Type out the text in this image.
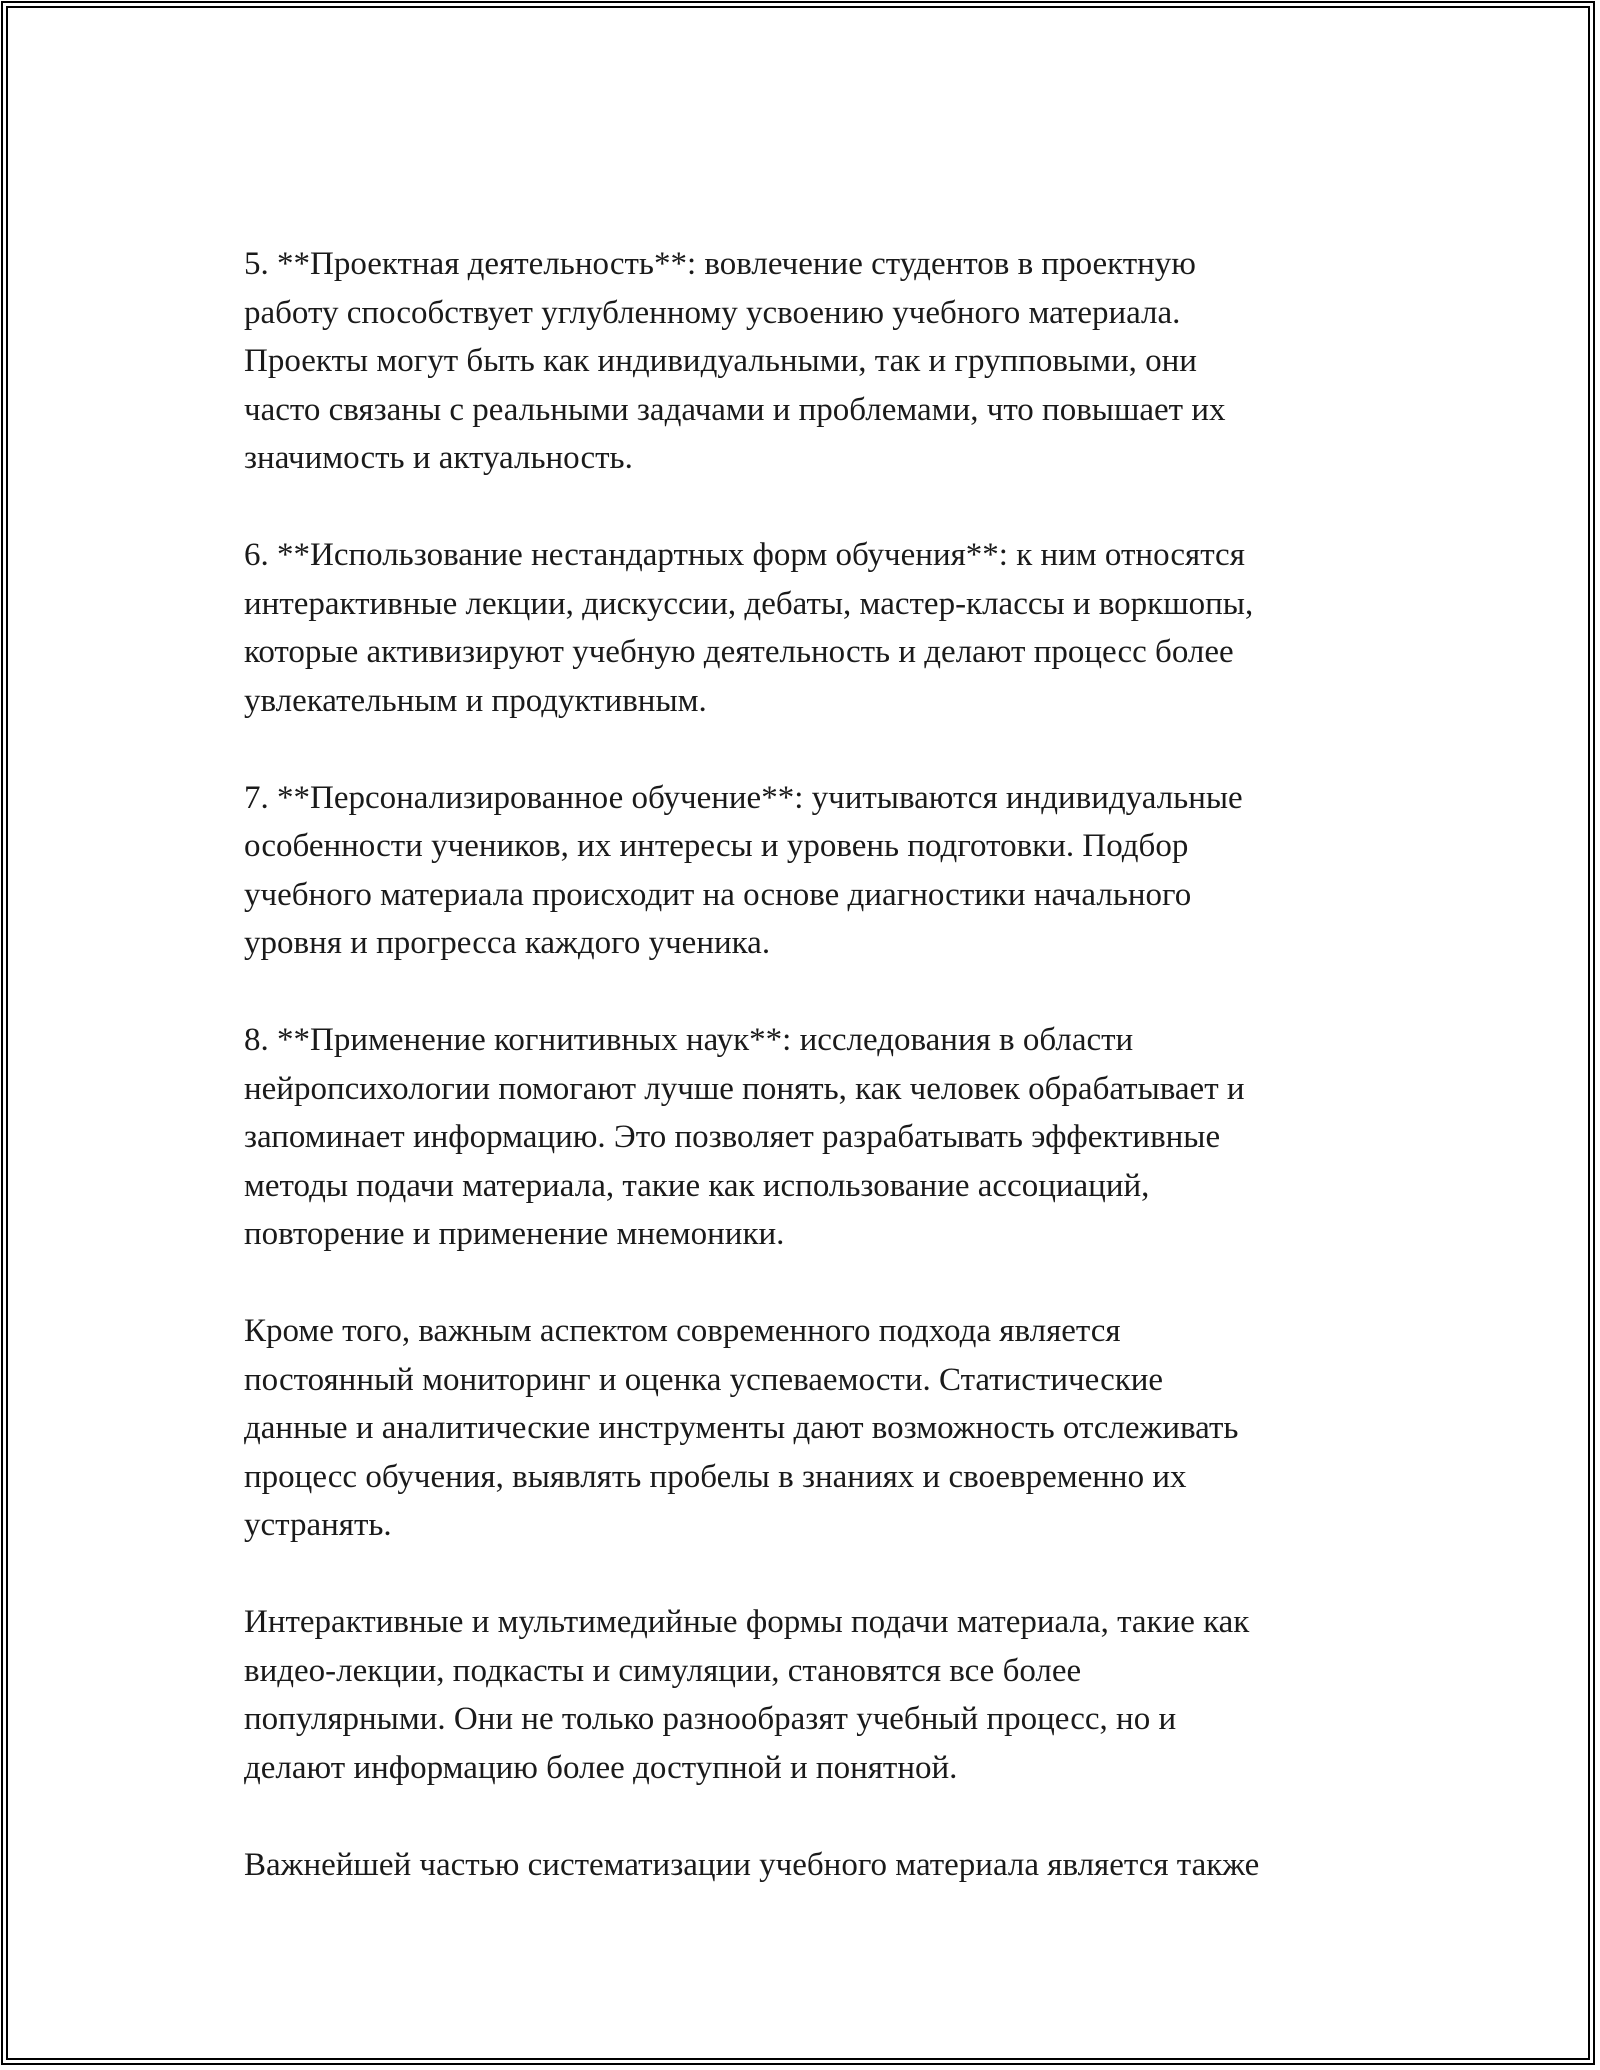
5. **Проектная деятельность**: вовлечение студентов в проектную
работу способствует углубленному усвоению учебного материала.
Проекты могут быть как индивидуальными, так и групповыми, они
часто связаны с реальными задачами и проблемами, что повышает их
значимость и актуальность.

6. **Использование нестандартных форм обучения**: к ним относятся
интерактивные лекции, дискуссии, дебаты, мастер-классы и воркшопы,
которые активизируют учебную деятельность и делают процесс более
увлекательным и продуктивным.

7. **Персонализированное обучение**: учитываются индивидуальные
особенности учеников, их интересы и уровень подготовки. Подбор
учебного материала происходит на основе диагностики начального
уровня и прогресса каждого ученика.

8. **Применение когнитивных наук**: исследования в области
нейропсихологии помогают лучше понять, как человек обрабатывает и
запоминает информацию. Это позволяет разрабатывать эффективные
методы подачи материала, такие как использование ассоциаций,
повторение и применение мнемоники.

Кроме того, важным аспектом современного подхода является
постоянный мониторинг и оценка успеваемости. Статистические
данные и аналитические инструменты дают возможность отслеживать
процесс обучения, выявлять пробелы в знаниях и своевременно их
устранять.

Интерактивные и мультимедийные формы подачи материала, такие как
видео-лекции, подкасты и симуляции, становятся все более
популярными. Они не только разнообразят учебный процесс, но и
делают информацию более доступной и понятной.

Важнейшей частью систематизации учебного материала является также
